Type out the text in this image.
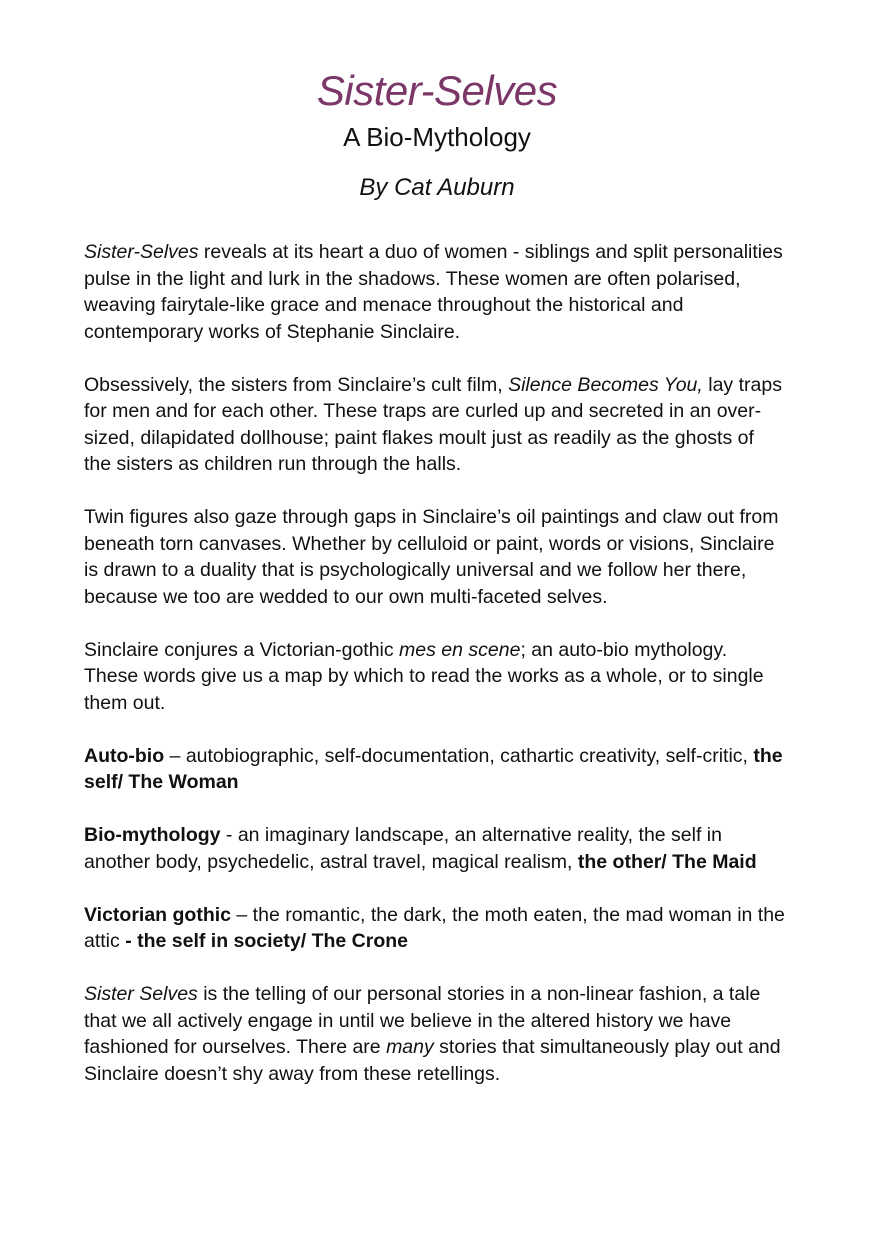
Sister-Selves
A Bio-Mythology

By Cat Auburn

Sister-Selves reveals at its heart a duo of women - siblings and split personalities pulse in the light and lurk in the shadows. These women are often polarised, weaving fairytale-like grace and menace throughout the historical and contemporary works of Stephanie Sinclaire.

Obsessively, the sisters from Sinclaire’s cult film, Silence Becomes You, lay traps for men and for each other. These traps are curled up and secreted in an over-sized, dilapidated dollhouse; paint flakes moult just as readily as the ghosts of the sisters as children run through the halls.

Twin figures also gaze through gaps in Sinclaire’s oil paintings and claw out from beneath torn canvases. Whether by celluloid or paint, words or visions, Sinclaire is drawn to a duality that is psychologically universal and we follow her there, because we too are wedded to our own multi-faceted selves.

Sinclaire conjures a Victorian-gothic mes en scene; an auto-bio mythology. These words give us a map by which to read the works as a whole, or to single them out.

Auto-bio – autobiographic, self-documentation, cathartic creativity, self-critic, the self/ The Woman

Bio-mythology - an imaginary landscape, an alternative reality, the self in another body, psychedelic, astral travel, magical realism, the other/ The Maid

Victorian gothic – the romantic, the dark, the moth eaten, the mad woman in the attic - the self in society/ The Crone

Sister Selves is the telling of our personal stories in a non-linear fashion, a tale that we all actively engage in until we believe in the altered history we have fashioned for ourselves. There are many stories that simultaneously play out and Sinclaire doesn’t shy away from these retellings.
